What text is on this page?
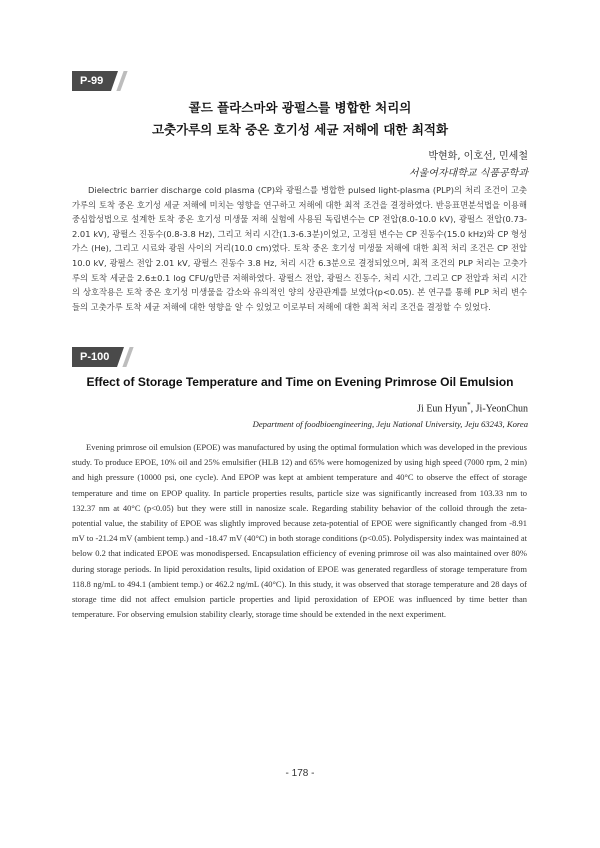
P-99
콜드 플라스마와 광펄스를 병합한 처리의
고춧가루의 토착 중온 호기성 세균 저해에 대한 최적화
박현화, 이호선, 민세철
서울여자대학교 식품공학과
Dielectric barrier discharge cold plasma (CP)와 광펄스를 병합한 pulsed light-plasma (PLP)의 처리 조건이 고춧가루의 토착 중온 호기성 세균 저해에 미치는 영향을 연구하고 저해에 대한 최적 조건을 결정하였다. 반응표면분석법을 이용해 중심합성법으로 설계한 토착 중온 호기성 미생물 저해 실험에 사용된 독립변수는 CP 전압(8.0-10.0 kV), 광펄스 전압(0.73-2.01 kV), 광펄스 진동수(0.8-3.8 Hz), 그리고 처리 시간(1.3-6.3분)이었고, 고정된 변수는 CP 진동수(15.0 kHz)와 CP 형성 가스 (He), 그리고 시료와 광원 사이의 거리(10.0 cm)였다. 토착 중온 호기성 미생물 저해에 대한 최적 처리 조건은 CP 전압 10.0 kV, 광펄스 전압 2.01 kV, 광펄스 진동수 3.8 Hz, 처리 시간 6.3분으로 결정되었으며, 최적 조건의 PLP 처리는 고춧가루의 토착 세균을 2.6±0.1 log CFU/g만큼 저해하였다. 광펄스 전압, 광펄스 진동수, 처리 시간, 그리고 CP 전압과 처리 시간의 상호작용은 토착 중온 호기성 미생물을 감소와 유의적인 양의 상관관계를 보였다(p<0.05). 본 연구를 통해 PLP 처리 변수들의 고춧가루 토착 세균 저해에 대한 영향을 알 수 있었고 이로부터 저해에 대한 최적 처리 조건을 결정할 수 있었다.
P-100
Effect of Storage Temperature and Time on Evening Primrose Oil Emulsion
Ji Eun Hyun*, Ji-YeonChun
Department of foodbioengineering, Jeju National University, Jeju 63243, Korea
Evening primrose oil emulsion (EPOE) was manufactured by using the optimal formulation which was developed in the previous study. To produce EPOE, 10% oil and 25% emulsifier (HLB 12) and 65% were homogenized by using high speed (7000 rpm, 2 min) and high pressure (10000 psi, one cycle). And EPOP was kept at ambient temperature and 40°C to observe the effect of storage temperature and time on EPOP quality. In particle properties results, particle size was significantly increased from 103.33 nm to 132.37 nm at 40°C (p<0.05) but they were still in nanosize scale. Regarding stability behavior of the colloid through the zeta-potential value, the stability of EPOE was slightly improved because zeta-potential of EPOE were significantly changed from -8.91 mV to -21.24 mV (ambient temp.) and -18.47 mV (40°C) in both storage conditions (p<0.05). Polydispersity index was maintained at below 0.2 that indicated EPOE was monodispersed. Encapsulation efficiency of evening primrose oil was also maintained over 80% during storage periods. In lipid peroxidation results, lipid oxidation of EPOE was generated regardless of storage temperature from 118.8 ng/mL to 494.1 (ambient temp.) or 462.2 ng/mL (40°C). In this study, it was observed that storage temperature and 28 days of storage time did not affect emulsion particle properties and lipid peroxidation of EPOE was influenced by time better than temperature. For observing emulsion stability clearly, storage time should be extended in the next experiment.
- 178 -
